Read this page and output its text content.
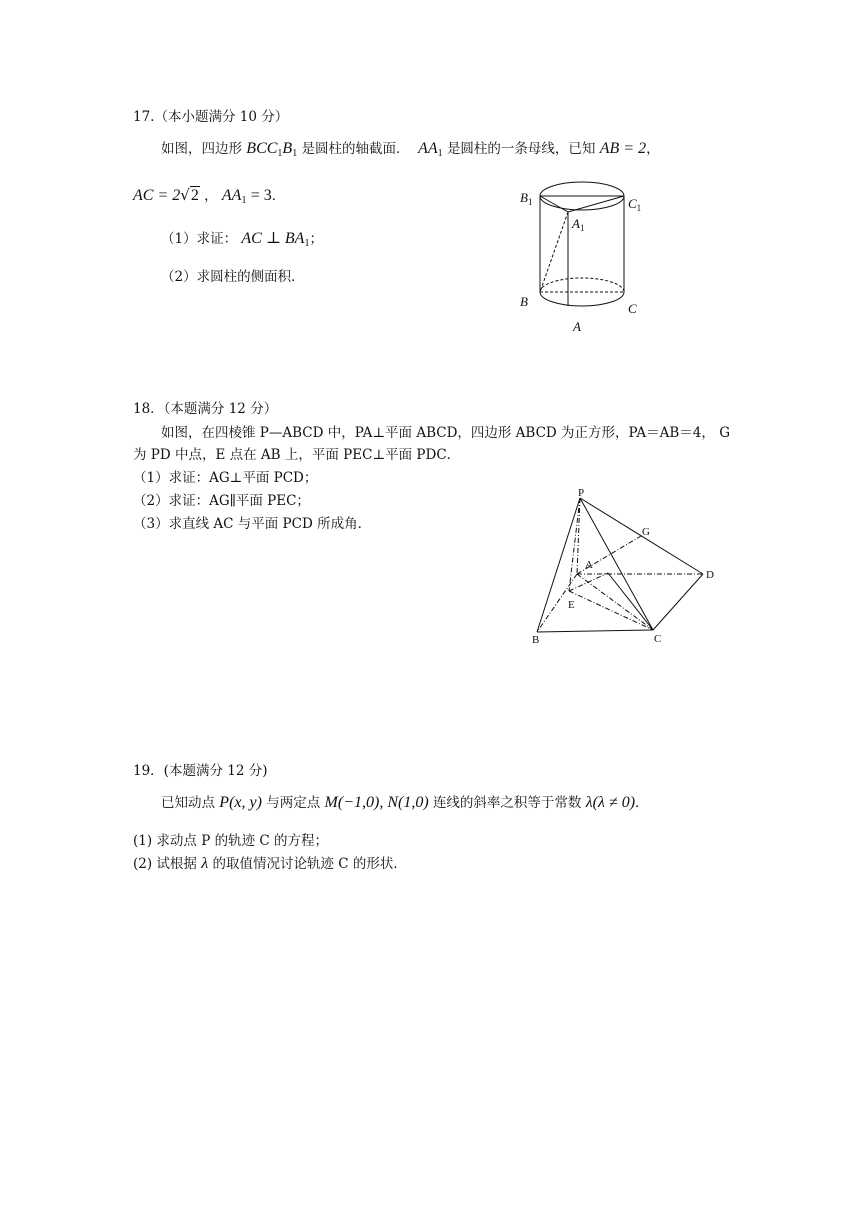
17.（本小题满分 10 分）
如图，四边形 $BCC_1B_1$ 是圆柱的轴截面． $AA_1$ 是圆柱的一条母线，已知 AB = 2，
AC = 2√2 ， $AA_1 = 3$．
（1）求证： AC ⊥ $BA_1$；
（2）求圆柱的侧面积．
$B_1$	$C_1$
$A_1$
B	C
A
18．（本题满分 12 分）
如图，在四棱锥 P—ABCD 中，PA⊥平面 ABCD，四边形 ABCD 为正方形，PA＝AB＝4， G
为 PD 中点，E 点在 AB 上，平面 PEC⊥平面 PDC．
（1）求证：AG⊥平面 PCD；
（2）求证：AG∥平面 PEC；
（3）求直线 AC 与平面 PCD 所成角．
P
G
A
D
E
B	C
19．(本题满分 12 分)
已知动点 P(x, y) 与两定点 M(−1,0), N(1,0) 连线的斜率之积等于常数 λ(λ ≠ 0)．
(1) 求动点 P 的轨迹 C 的方程；
(2) 试根据 λ 的取值情况讨论轨迹 C 的形状．
